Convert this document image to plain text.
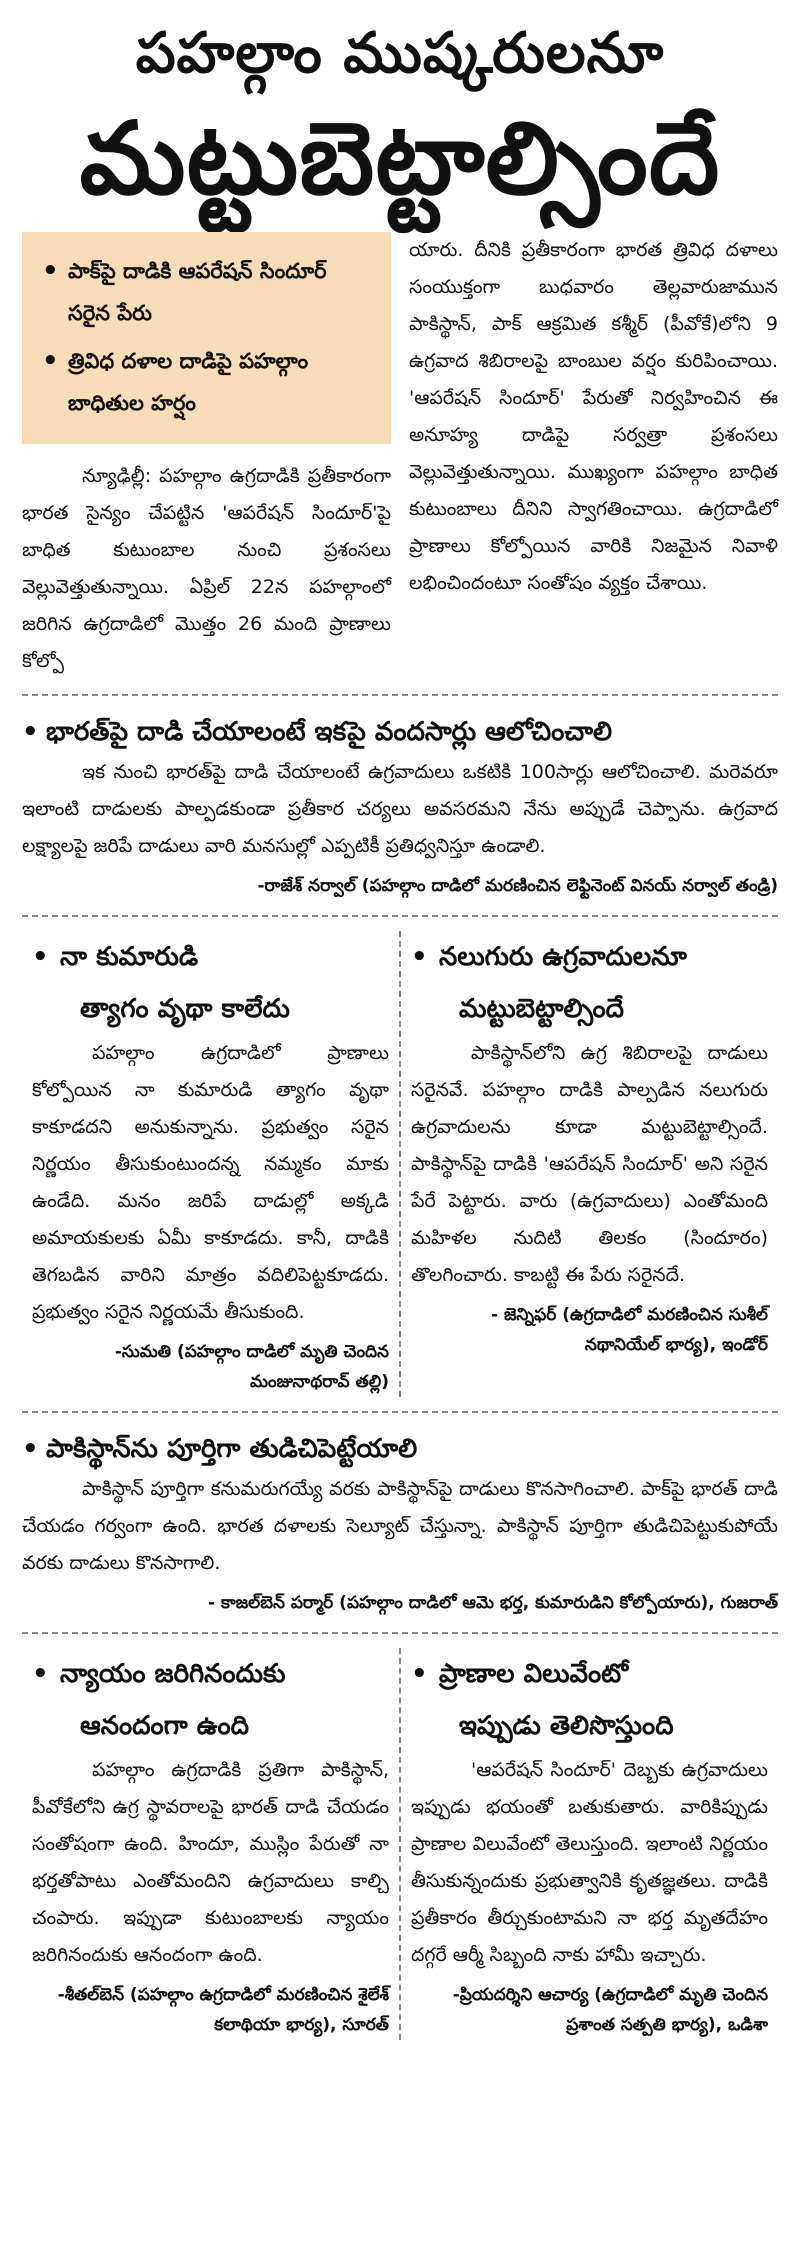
పహల్గాం ముష్కరులనూ
మట్టుబెట్టాల్సిందే
• పాక్‌పై దాడికి ఆపరేషన్ సిందూర్ సరైన పేరు
• త్రివిధ దళాల దాడిపై పహల్గాం బాధితుల హర్షం
న్యూఢిల్లీ: పహల్గాం ఉగ్రదాడికి ప్రతీకారంగా భారత సైన్యం చేపట్టిన 'ఆపరేషన్ సిందూర్'పై బాధిత కుటుంబాల నుంచి ప్రశంసలు వెల్లువెత్తుతున్నాయి. ఏప్రిల్ 22న పహల్గాంలో జరిగిన ఉగ్రదాడిలో మొత్తం 26 మంది ప్రాణాలు కోల్పో
యారు. దీనికి ప్రతీకారంగా భారత త్రివిధ దళాలు సంయుక్తంగా బుధవారం తెల్లవారుజామున పాకిస్థాన్, పాక్ ఆక్రమిత కశ్మీర్ (పీవోకే)లోని 9 ఉగ్రవాద శిబిరాలపై బాంబుల వర్షం కురిపించాయి. 'ఆపరేషన్ సిందూర్' పేరుతో నిర్వహించిన ఈ అనూహ్య దాడిపై సర్వత్రా ప్రశంసలు వెల్లువెత్తుతున్నాయి. ముఖ్యంగా పహల్గాం బాధిత కుటుంబాలు దీనిని స్వాగతించాయి. ఉగ్రదాడిలో ప్రాణాలు కోల్పోయిన వారికి నిజమైన నివాళి లభించిందంటూ సంతోషం వ్యక్తం చేశాయి.
• భారత్‌పై దాడి చేయాలంటే ఇకపై వందసార్లు ఆలోచించాలి
ఇక నుంచి భారత్‌పై దాడి చేయాలంటే ఉగ్రవాదులు ఒకటికి 100సార్లు ఆలోచించాలి. మరెవరూ ఇలాంటి దాడులకు పాల్పడకుండా ప్రతీకార చర్యలు అవసరమని నేను అప్పుడే చెప్పాను. ఉగ్రవాద లక్ష్యాలపై జరిపే దాడులు వారి మనసుల్లో ఎప్పటికీ ప్రతిధ్వనిస్తూ ఉండాలి.
-రాజేశ్ నర్వాల్ (పహల్గాం దాడిలో మరణించిన లెఫ్టినెంట్ వినయ్ నర్వాల్ తండ్రి)
• నా కుమారుడి
త్యాగం వృథా కాలేదు
పహల్గాం ఉగ్రదాడిలో ప్రాణాలు కోల్పోయిన నా కుమారుడి త్యాగం వృథా కాకూడదని అనుకున్నాను. ప్రభుత్వం సరైన నిర్ణయం తీసుకుంటుందన్న నమ్మకం మాకు ఉండేది. మనం జరిపే దాడుల్లో అక్కడి అమాయకులకు ఏమీ కాకూడదు. కానీ, దాడికి తెగబడిన వారిని మాత్రం వదిలిపెట్టకూడదు. ప్రభుత్వం సరైన నిర్ణయమే తీసుకుంది.
-సుమతి (పహల్గాం దాడిలో మృతి చెందిన మంజునాథరావ్ తల్లి)
• నలుగురు ఉగ్రవాదులనూ
మట్టుబెట్టాల్సిందే
పాకిస్థాన్‌లోని ఉగ్ర శిబిరాలపై దాడులు సరైనవే. పహల్గాం దాడికి పాల్పడిన నలుగురు ఉగ్రవాదులను కూడా మట్టుబెట్టాల్సిందే. పాకిస్థాన్‌పై దాడికి 'ఆపరేషన్ సిందూర్' అని సరైన పేరే పెట్టారు. వారు (ఉగ్రవాదులు) ఎంతోమంది మహిళల నుదిటి తిలకం (సిందూరం) తొలగించారు. కాబట్టి ఈ పేరు సరైనదే.
- జెన్నిఫర్ (ఉగ్రదాడిలో మరణించిన సుశీల్ నథానియేల్ భార్య), ఇండోర్
• పాకిస్థాన్‌ను పూర్తిగా తుడిచిపెట్టేయాలి
పాకిస్థాన్ పూర్తిగా కనుమరుగయ్యే వరకు పాకిస్థాన్‌పై దాడులు కొనసాగించాలి. పాక్‌పై భారత్ దాడి చేయడం గర్వంగా ఉంది. భారత దళాలకు సెల్యూట్ చేస్తున్నా. పాకిస్థాన్ పూర్తిగా తుడిచిపెట్టుకుపోయే వరకు దాడులు కొనసాగాలి.
- కాజల్‌బెన్ పర్మార్ (పహల్గాం దాడిలో ఆమె భర్త, కుమారుడిని కోల్పోయారు), గుజరాత్
• న్యాయం జరిగినందుకు
ఆనందంగా ఉంది
పహల్గాం ఉగ్రదాడికి ప్రతిగా పాకిస్థాన్, పీవోకేలోని ఉగ్ర స్థావరాలపై భారత్ దాడి చేయడం సంతోషంగా ఉంది. హిందూ, ముస్లిం పేరుతో నా భర్తతోపాటు ఎంతోమందిని ఉగ్రవాదులు కాల్చి చంపారు. ఇప్పుడా కుటుంబాలకు న్యాయం జరిగినందుకు ఆనందంగా ఉంది.
-శీతల్‌బెన్ (పహల్గాం ఉగ్రదాడిలో మరణించిన శైలేశ్ కలాథియా భార్య), సూరత్
• ప్రాణాల విలువేంటో
ఇప్పుడు తెలిసొస్తుంది
'ఆపరేషన్ సిందూర్' దెబ్బకు ఉగ్రవాదులు ఇప్పుడు భయంతో బతుకుతారు. వారికిప్పుడు ప్రాణాల విలువేంటో తెలుస్తుంది. ఇలాంటి నిర్ణయం తీసుకున్నందుకు ప్రభుత్వానికి కృతజ్ఞతలు. దాడికి ప్రతీకారం తీర్చుకుంటామని నా భర్త మృతదేహం దగ్గరే ఆర్మీ సిబ్బంది నాకు హామీ ఇచ్చారు.
-ప్రియదర్శిని ఆచార్య (ఉగ్రదాడిలో మృతి చెందిన ప్రశాంత సత్పతి భార్య), ఒడిశా
